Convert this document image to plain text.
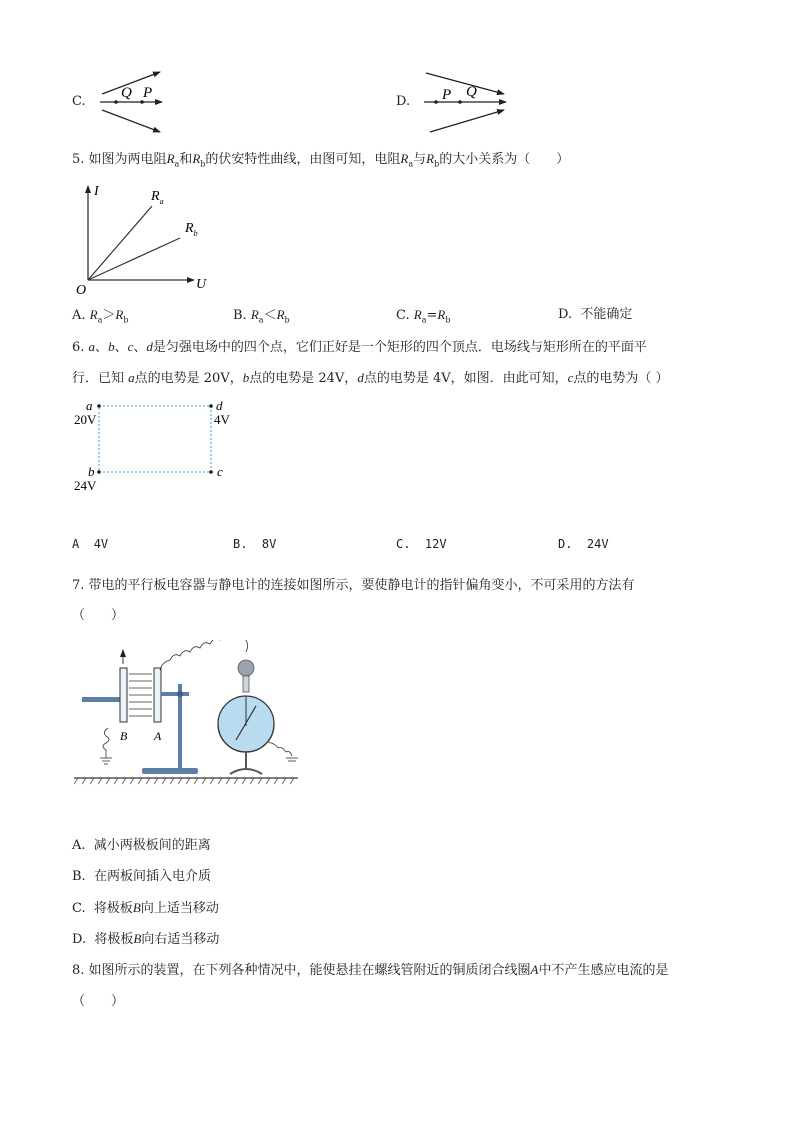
C.
Q P
D. P Q
5. 如图为两电阻$R_a$和$R_b$的伏安特性曲线，由图可知，电阻$R_a$与$R_b$的大小关系为（　　）
I
U
O
$R_a$
$R_b$
A. $R_a>R_b$	B. $R_a<R_b$	C. $R_a=R_b$	D. 不能确定
6. a、b、c、d是匀强电场中的四个点，它们正好是一个矩形的四个顶点．电场线与矩形所在的平面平
行．已知 a点的电势是 20V，b点的电势是 24V，d点的电势是 4V，如图．由此可知，c点的电势为（ ）
a
20V
d
4V
b
24V
c
A 4V	B. 8V	C. 12V	D. 24V
7. 带电的平行板电容器与静电计的连接如图所示，要使静电计的指针偏角变小，不可采用的方法有
（　　）
B A
A. 减小两极板间的距离
B. 在两板间插入电介质
C. 将极板B向上适当移动
D. 将极板B向右适当移动
8. 如图所示的装置，在下列各种情况中，能使悬挂在螺线管附近的铜质闭合线圈A中不产生感应电流的是
（　　）
